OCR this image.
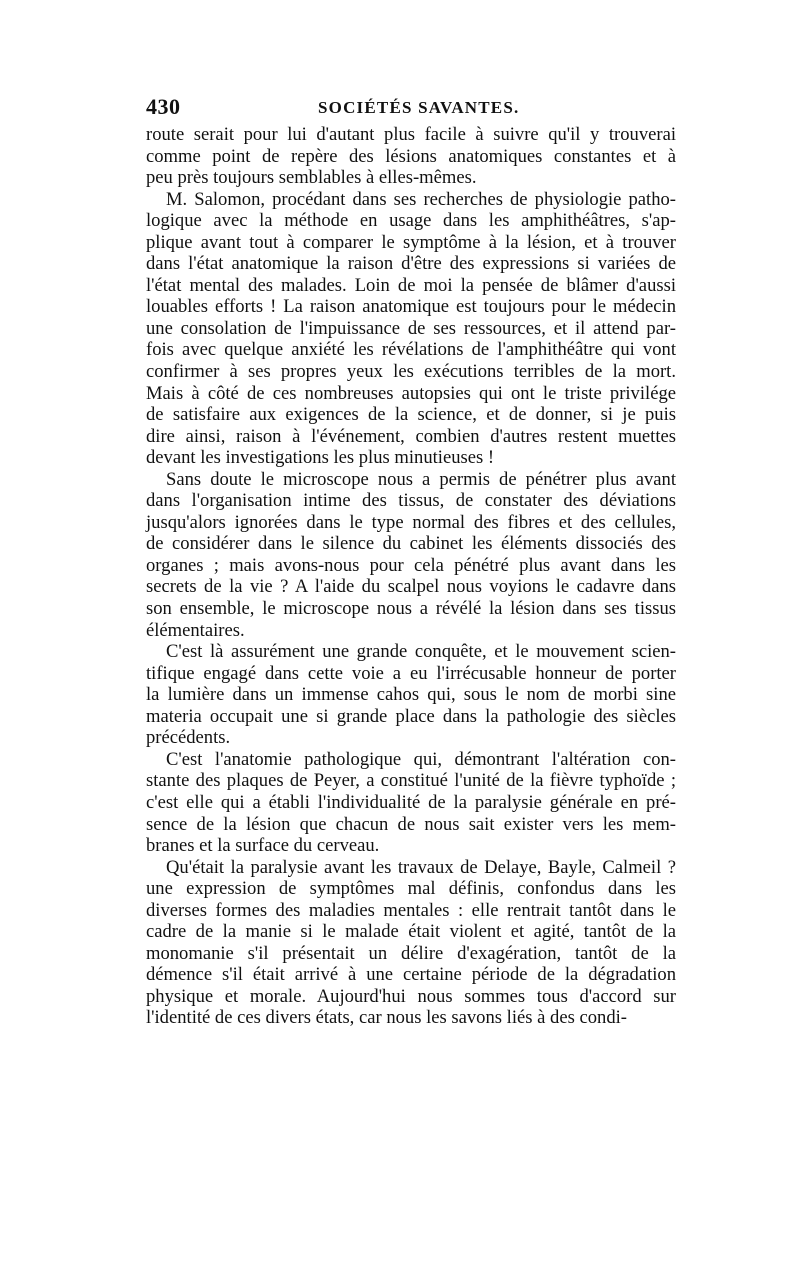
430	SOCIÉTÉS SAVANTES.
route serait pour lui d'autant plus facile à suivre qu'il y trouverai
comme point de repère des lésions anatomiques constantes et à
peu près toujours semblables à elles-mêmes.
M. Salomon, procédant dans ses recherches de physiologie patho-
logique avec la méthode en usage dans les amphithéâtres, s'ap-
plique avant tout à comparer le symptôme à la lésion, et à trouver
dans l'état anatomique la raison d'être des expressions si variées de
l'état mental des malades. Loin de moi la pensée de blâmer d'aussi
louables efforts ! La raison anatomique est toujours pour le médecin
une consolation de l'impuissance de ses ressources, et il attend par-
fois avec quelque anxiété les révélations de l'amphithéâtre qui vont
confirmer à ses propres yeux les exécutions terribles de la mort.
Mais à côté de ces nombreuses autopsies qui ont le triste privilége
de satisfaire aux exigences de la science, et de donner, si je puis
dire ainsi, raison à l'événement, combien d'autres restent muettes
devant les investigations les plus minutieuses !
Sans doute le microscope nous a permis de pénétrer plus avant
dans l'organisation intime des tissus, de constater des déviations
jusqu'alors ignorées dans le type normal des fibres et des cellules,
de considérer dans le silence du cabinet les éléments dissociés des
organes ; mais avons-nous pour cela pénétré plus avant dans les
secrets de la vie ? A l'aide du scalpel nous voyions le cadavre dans
son ensemble, le microscope nous a révélé la lésion dans ses tissus
élémentaires.
C'est là assurément une grande conquête, et le mouvement scien-
tifique engagé dans cette voie a eu l'irrécusable honneur de porter
la lumière dans un immense cahos qui, sous le nom de morbi sine
materia occupait une si grande place dans la pathologie des siècles
précédents.
C'est l'anatomie pathologique qui, démontrant l'altération con-
stante des plaques de Peyer, a constitué l'unité de la fièvre typhoïde ;
c'est elle qui a établi l'individualité de la paralysie générale en pré-
sence de la lésion que chacun de nous sait exister vers les mem-
branes et la surface du cerveau.
Qu'était la paralysie avant les travaux de Delaye, Bayle, Calmeil ?
une expression de symptômes mal définis, confondus dans les
diverses formes des maladies mentales : elle rentrait tantôt dans le
cadre de la manie si le malade était violent et agité, tantôt de la
monomanie s'il présentait un délire d'exagération, tantôt de la
démence s'il était arrivé à une certaine période de la dégradation
physique et morale. Aujourd'hui nous sommes tous d'accord sur
l'identité de ces divers états, car nous les savons liés à des condi-
